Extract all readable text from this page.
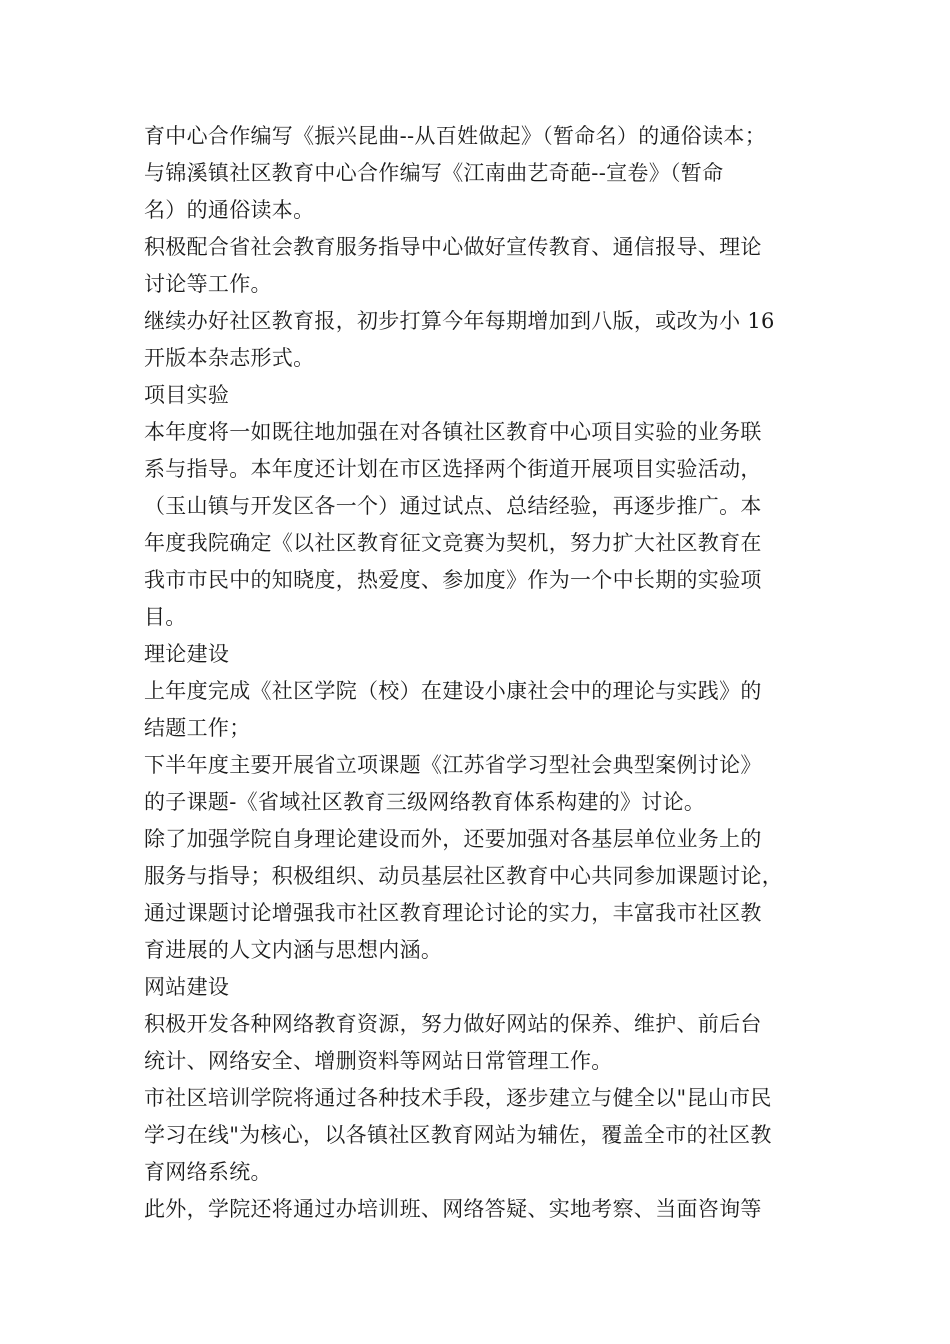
育中心合作编写《振兴昆曲--从百姓做起》（暂命名）的通俗读本；
与锦溪镇社区教育中心合作编写《江南曲艺奇葩--宣卷》（暂命
名）的通俗读本。
积极配合省社会教育服务指导中心做好宣传教育、通信报导、理论
讨论等工作。
继续办好社区教育报，初步打算今年每期增加到八版，或改为小 16
开版本杂志形式。
项目实验
本年度将一如既往地加强在对各镇社区教育中心项目实验的业务联
系与指导。本年度还计划在市区选择两个街道开展项目实验活动，
（玉山镇与开发区各一个）通过试点、总结经验，再逐步推广。本
年度我院确定《以社区教育征文竞赛为契机，努力扩大社区教育在
我市市民中的知晓度，热爱度、参加度》作为一个中长期的实验项
目。
理论建设
上年度完成《社区学院（校）在建设小康社会中的理论与实践》的
结题工作；
下半年度主要开展省立项课题《江苏省学习型社会典型案例讨论》
的子课题-《省域社区教育三级网络教育体系构建的》讨论。
除了加强学院自身理论建设而外，还要加强对各基层单位业务上的
服务与指导；积极组织、动员基层社区教育中心共同参加课题讨论，
通过课题讨论增强我市社区教育理论讨论的实力，丰富我市社区教
育进展的人文内涵与思想内涵。
网站建设
积极开发各种网络教育资源，努力做好网站的保养、维护、前后台
统计、网络安全、增删资料等网站日常管理工作。
市社区培训学院将通过各种技术手段，逐步建立与健全以"昆山市民
学习在线"为核心，以各镇社区教育网站为辅佐，覆盖全市的社区教
育网络系统。
此外，学院还将通过办培训班、网络答疑、实地考察、当面咨询等
